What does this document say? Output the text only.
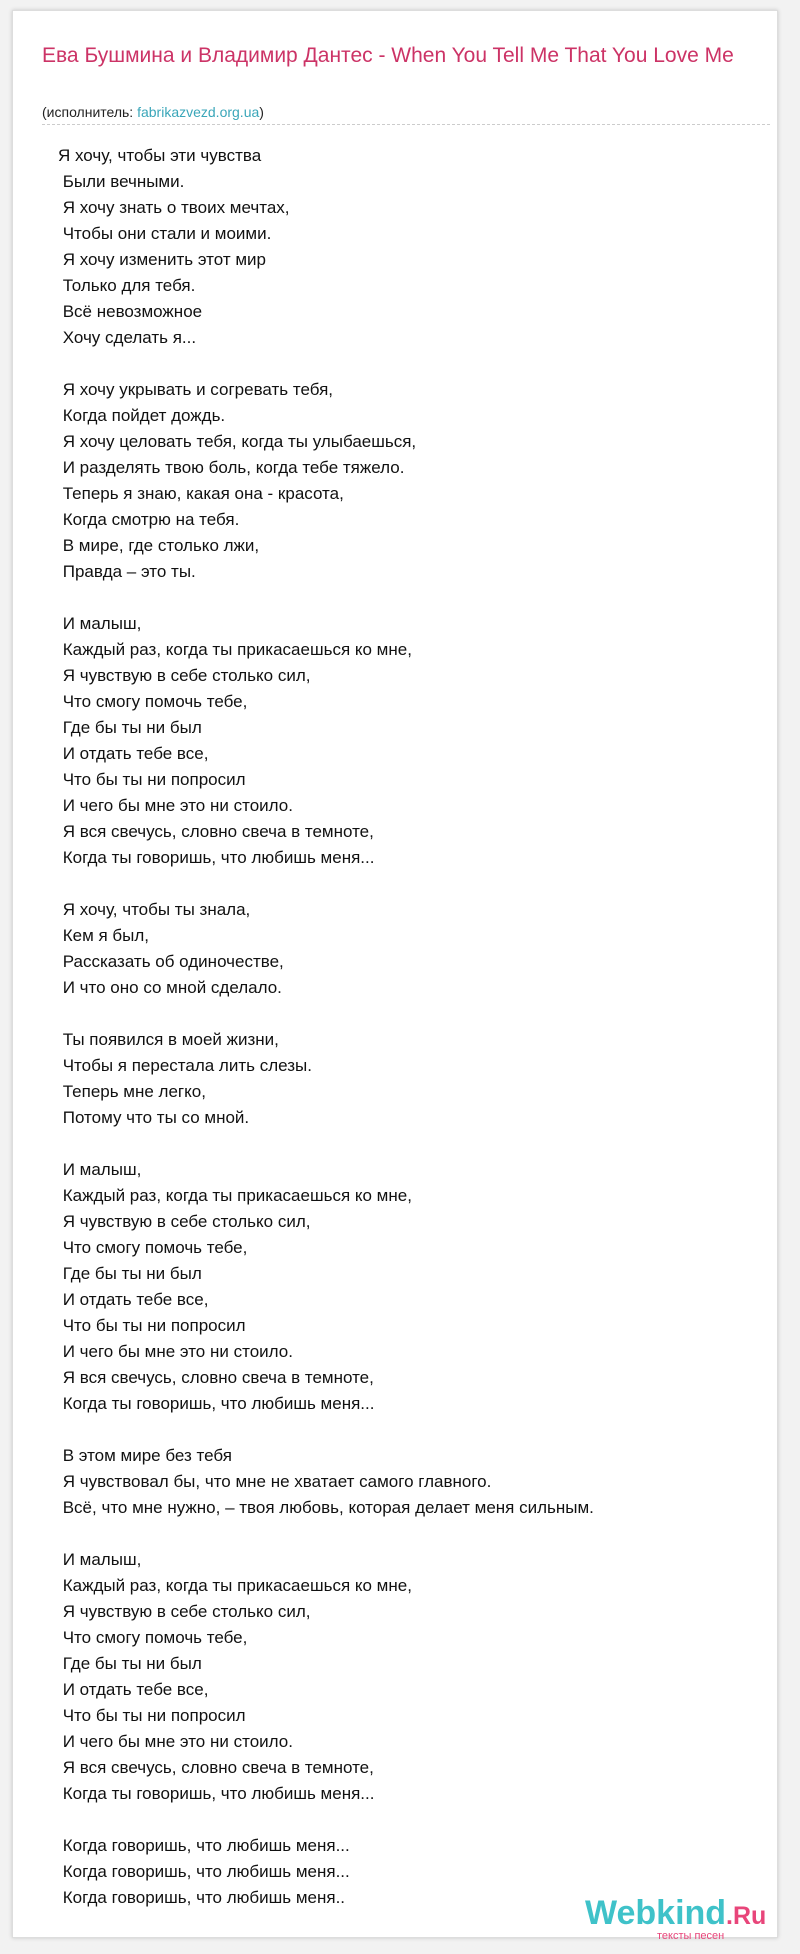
Ева Бушмина и Владимир Дантес - When You Tell Me That You Love Me
(исполнитель: fabrikazvezd.org.ua)
Я хочу, чтобы эти чувства
Были вечными.
Я хочу знать о твоих мечтах,
Чтобы они стали и моими.
Я хочу изменить этот мир
Только для тебя.
Всё невозможное
Хочу сделать я...

Я хочу укрывать и согревать тебя,
Когда пойдет дождь.
Я хочу целовать тебя, когда ты улыбаешься,
И разделять твою боль, когда тебе тяжело.
Теперь я знаю, какая она - красота,
Когда смотрю на тебя.
В мире, где столько лжи,
Правда – это ты.

И малыш,
Каждый раз, когда ты прикасаешься ко мне,
Я чувствую в себе столько сил,
Что смогу помочь тебе,
Где бы ты ни был
И отдать тебе все,
Что бы ты ни попросил
И чего бы мне это ни стоило.
Я вся свечусь, словно свеча в темноте,
Когда ты говоришь, что любишь меня...

Я хочу, чтобы ты знала,
Кем я был,
Рассказать об одиночестве,
И что оно со мной сделало.

Ты появился в моей жизни,
Чтобы я перестала лить слезы.
Теперь мне легко,
Потому что ты со мной.

И малыш,
Каждый раз, когда ты прикасаешься ко мне,
Я чувствую в себе столько сил,
Что смогу помочь тебе,
Где бы ты ни был
И отдать тебе все,
Что бы ты ни попросил
И чего бы мне это ни стоило.
Я вся свечусь, словно свеча в темноте,
Когда ты говоришь, что любишь меня...

В этом мире без тебя
Я чувствовал бы, что мне не хватает самого главного.
Всё, что мне нужно, – твоя любовь, которая делает меня сильным.

И малыш,
Каждый раз, когда ты прикасаешься ко мне,
Я чувствую в себе столько сил,
Что смогу помочь тебе,
Где бы ты ни был
И отдать тебе все,
Что бы ты ни попросил
И чего бы мне это ни стоило.
Я вся свечусь, словно свеча в темноте,
Когда ты говоришь, что любишь меня...

Когда говоришь, что любишь меня...
Когда говоришь, что любишь меня...
Когда говоришь, что любишь меня..	Webkind.Ru
тексты песен
